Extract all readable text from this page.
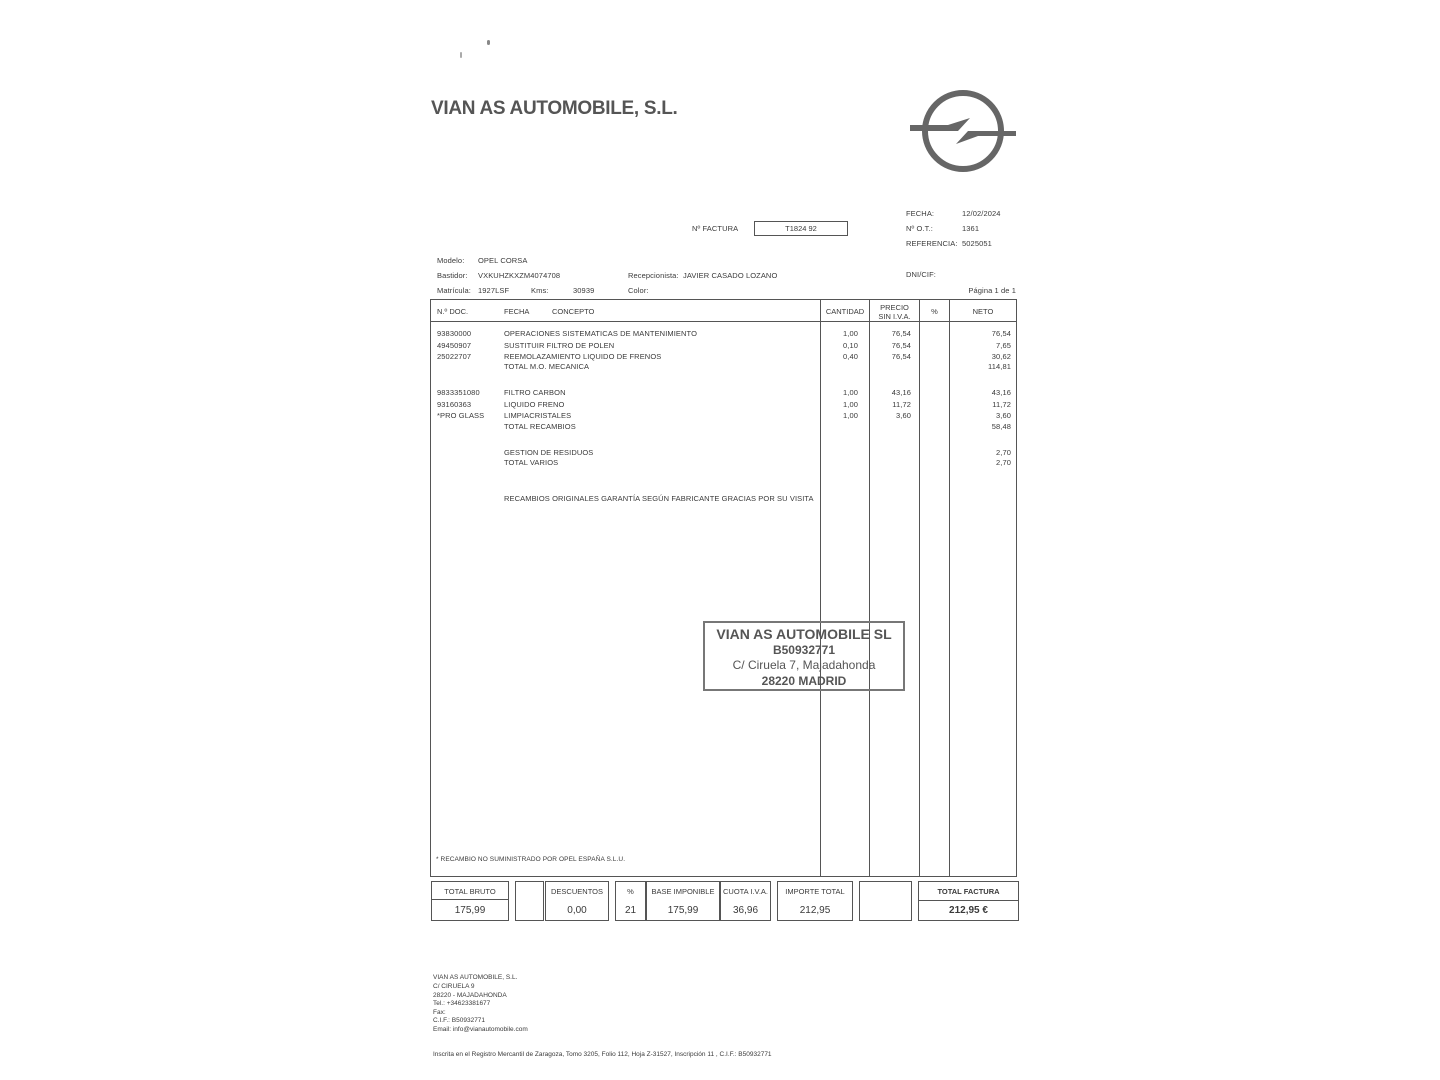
VIAN AS AUTOMOBILE, S.L.
FECHA:	12/02/2024
Nº O.T.:	1361
REFERENCIA: 5025051
Nº FACTURA	T1824 92
Modelo: OPEL CORSA
Bastidor: VXKUHZKXZM4074708
Matrícula: 1927LSF	Kms:	30939
Recepcionista: JAVIER CASADO LOZANO
Color:
DNI/CIF:
Página 1 de 1
N.º DOC.	FECHA	CONCEPTO	CANTIDAD	PRECIO
SIN I.V.A.
%	NETO
93830000	OPERACIONES SISTEMATICAS DE MANTENIMIENTO	1,00	76,54	76,54
49450907	SUSTITUIR FILTRO DE POLEN	0,10	76,54	7,65
25022707	REEMOLAZAMIENTO LIQUIDO DE FRENOS	0,40	76,54	30,62
TOTAL M.O. MECANICA	114,81
9833351080	FILTRO CARBON	1,00	43,16	43,16
93160363	LIQUIDO FRENO	1,00	11,72	11,72
*PRO GLASS	LIMPIACRISTALES	1,00	3,60	3,60
TOTAL RECAMBIOS	58,48
GESTION DE RESIDUOS	2,70
TOTAL VARIOS	2,70
RECAMBIOS ORIGINALES GARANTÍA SEGÚN FABRICANTE GRACIAS POR SU VISITA
* RECAMBIO NO SUMINISTRADO POR OPEL ESPAÑA S.L.U.
VIAN AS AUTOMOBILE SL
B50932771
C/ Ciruela 7, Majadahonda
28220 MADRID
TOTAL BRUTO
175,99
DESCUENTOS
0,00
%
21
BASE IMPONIBLE
175,99
CUOTA I.V.A.
36,96
IMPORTE TOTAL
212,95
TOTAL FACTURA
212,95 €
VIAN AS AUTOMOBILE, S.L.
C/ CIRUELA 9
28220 - MAJADAHONDA
Tel.: +34623381677
Fax:
C.I.F.: B50932771
Email: info@vianautomobile.com
Inscrita en el Registro Mercantil de Zaragoza, Tomo 3205, Folio 112, Hoja Z-31527, Inscripción 11 , C.I.F.: B50932771
